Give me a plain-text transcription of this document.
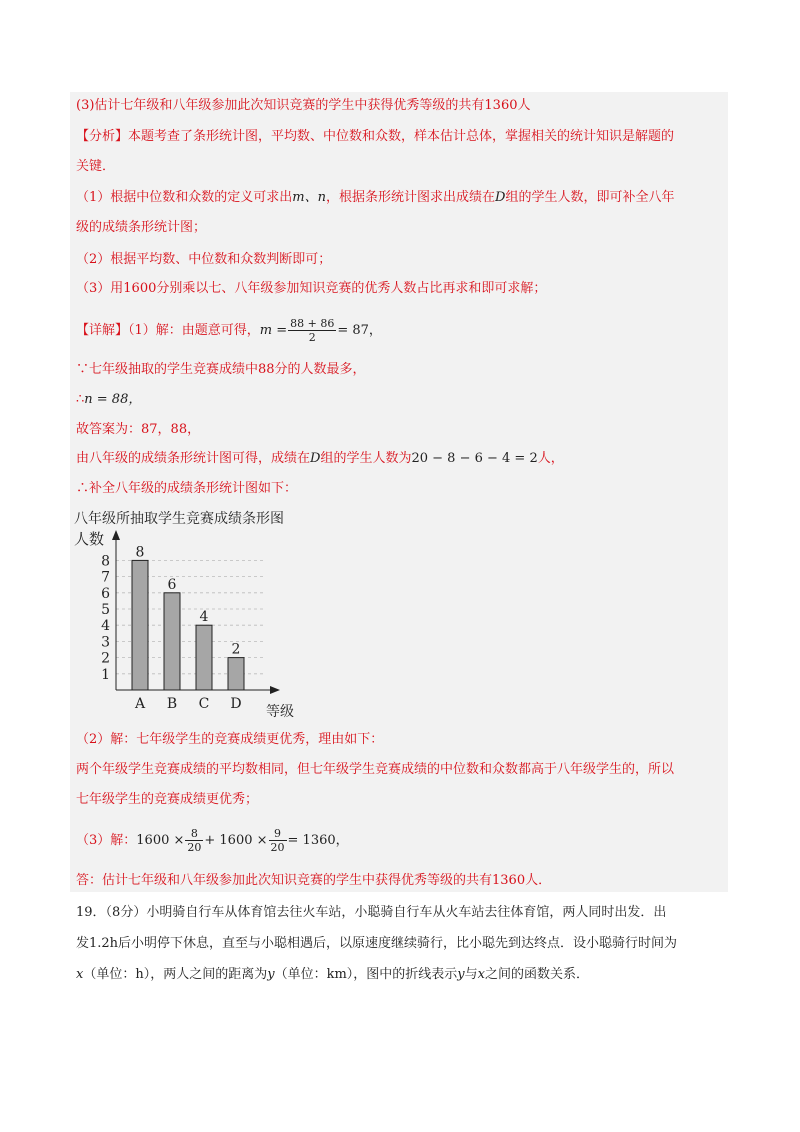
(3)估计七年级和八年级参加此次知识竞赛的学生中获得优秀等级的共有1360人
【分析】本题考查了条形统计图，平均数、中位数和众数，样本估计总体，掌握相关的统计知识是解题的
关键．
（1）根据中位数和众数的定义可求出m、n，根据条形统计图求出成绩在D组的学生人数，即可补全八年
级的成绩条形统计图；
（2）根据平均数、中位数和众数判断即可；
（3）用1600分别乘以七、八年级参加知识竞赛的优秀人数占比再求和即可求解；
【详解】（1）解：由题意可得，$m = \frac{88 + 86}{2} = 87$，
∵七年级抽取的学生竞赛成绩中88分的人数最多，
∴n = 88，
故答案为：87，88，
由八年级的成绩条形统计图可得，成绩在D组的学生人数为20 − 8 − 6 − 4 = 2人，
∴补全八年级的成绩条形统计图如下：
八年级所抽取学生竞赛成绩条形图
1
2
3
4
5
6
7
8
人数
等级
8
A
6
B
4
C
2
D
（2）解：七年级学生的竞赛成绩更优秀，理由如下：
两个年级学生竞赛成绩的平均数相同，但七年级学生竞赛成绩的中位数和众数都高于八年级学生的，所以
七年级学生的竞赛成绩更优秀；
（3）解：$1600 \times \frac{8}{20} + 1600 \times \frac{9}{20} = 1360$，
答：估计七年级和八年级参加此次知识竞赛的学生中获得优秀等级的共有1360人．
19．（8分）小明骑自行车从体育馆去往火车站，小聪骑自行车从火车站去往体育馆，两人同时出发．出
发1.2h后小明停下休息，直至与小聪相遇后，以原速度继续骑行，比小聪先到达终点．设小聪骑行时间为
x（单位：h），两人之间的距离为y（单位：km），图中的折线表示y与x之间的函数关系．
